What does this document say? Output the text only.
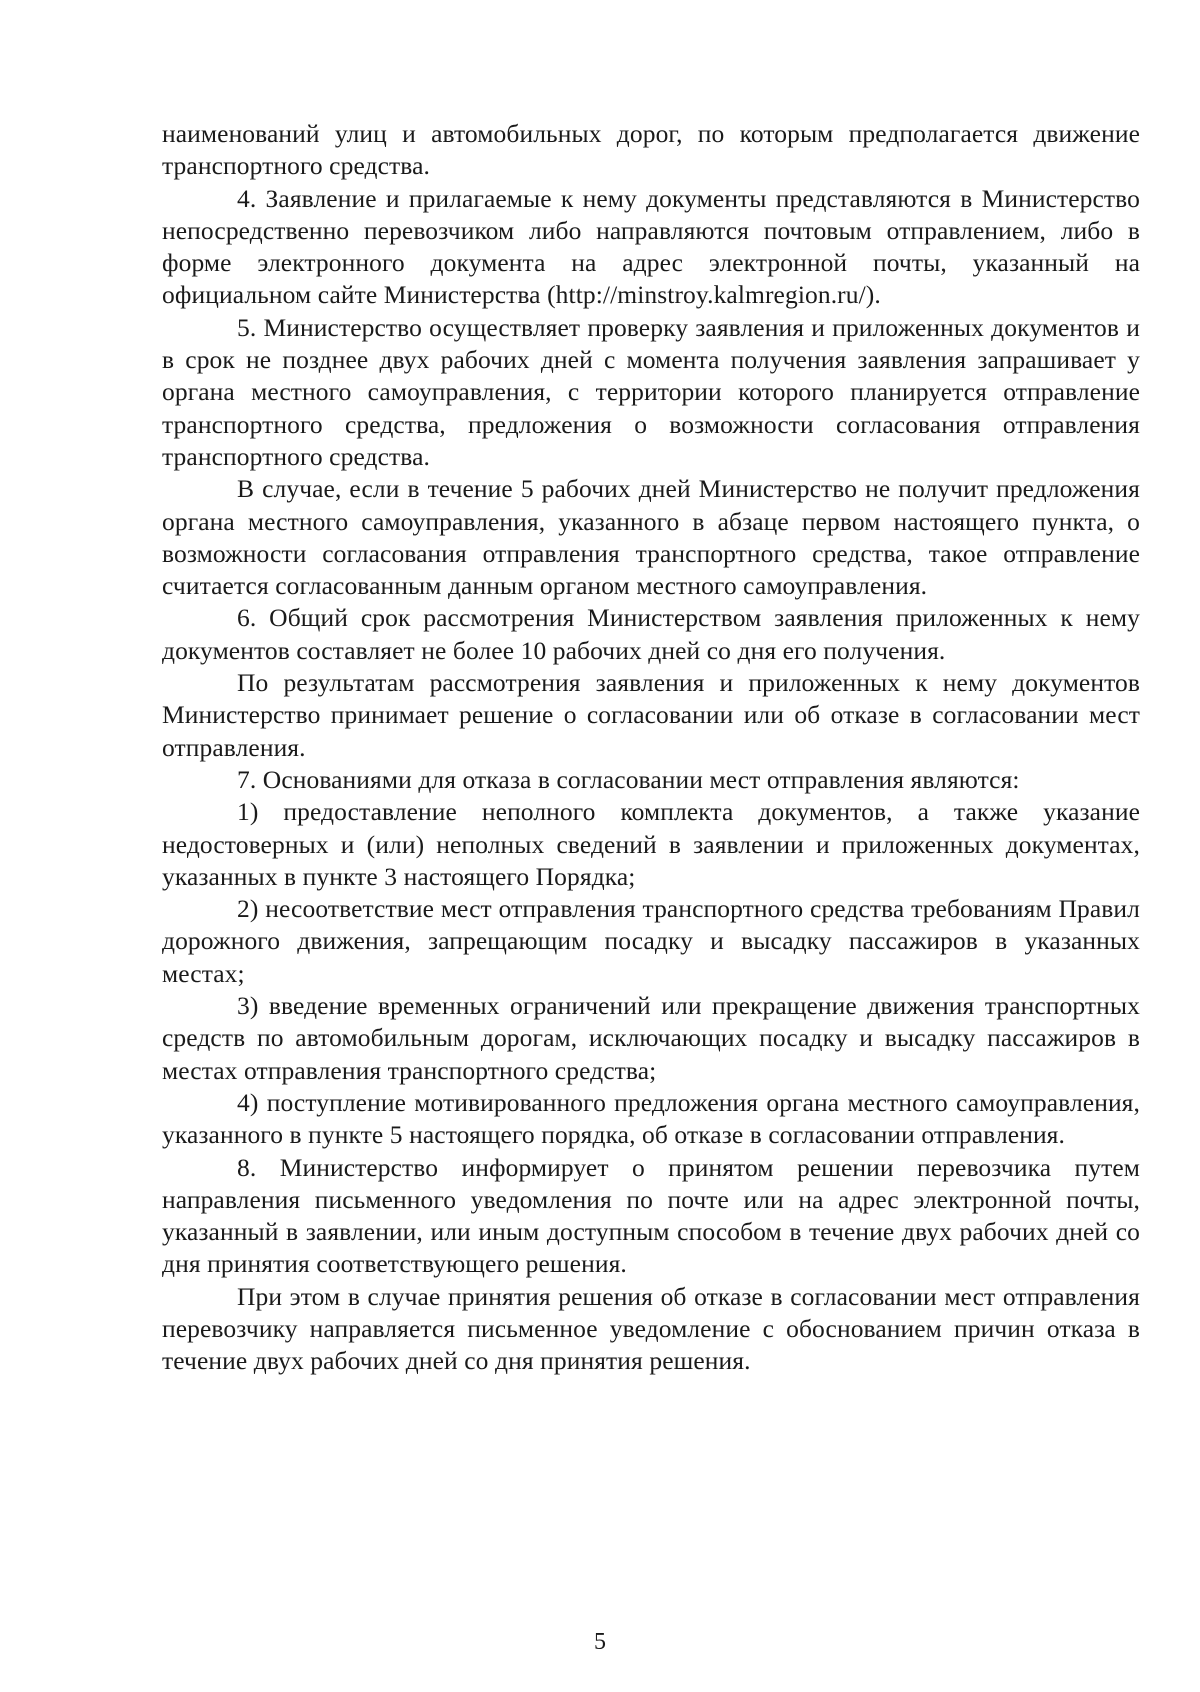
наименований улиц и автомобильных дорог, по которым предполагается движение транспортного средства.

4. Заявление и прилагаемые к нему документы представляются в Министерство непосредственно перевозчиком либо направляются почтовым отправлением, либо в форме электронного документа на адрес электронной почты, указанный на официальном сайте Министерства (http://minstroy.kalmregion.ru/).

5. Министерство осуществляет проверку заявления и приложенных документов и в срок не позднее двух рабочих дней с момента получения заявления запрашивает у органа местного самоуправления, с территории которого планируется отправление транспортного средства, предложения о возможности согласования отправления транспортного средства.

В случае, если в течение 5 рабочих дней Министерство не получит предложения органа местного самоуправления, указанного в абзаце первом настоящего пункта, о возможности согласования отправления транспортного средства, такое отправление считается согласованным данным органом местного самоуправления.

6. Общий срок рассмотрения Министерством заявления приложенных к нему документов составляет не более 10 рабочих дней со дня его получения.

По результатам рассмотрения заявления и приложенных к нему документов Министерство принимает решение о согласовании или об отказе в согласовании мест отправления.

7. Основаниями для отказа в согласовании мест отправления являются:

1) предоставление неполного комплекта документов, а также указание недостоверных и (или) неполных сведений в заявлении и приложенных документах, указанных в пункте 3 настоящего Порядка;

2) несоответствие мест отправления транспортного средства требованиям Правил дорожного движения, запрещающим посадку и высадку пассажиров в указанных местах;

3) введение временных ограничений или прекращение движения транспортных средств по автомобильным дорогам, исключающих посадку и высадку пассажиров в местах отправления транспортного средства;

4) поступление мотивированного предложения органа местного самоуправления, указанного в пункте 5 настоящего порядка, об отказе в согласовании отправления.

8. Министерство информирует о принятом решении перевозчика путем направления письменного уведомления по почте или на адрес электронной почты, указанный в заявлении, или иным доступным способом в течение двух рабочих дней со дня принятия соответствующего решения.

При этом в случае принятия решения об отказе в согласовании мест отправления перевозчику направляется письменное уведомление с обоснованием причин отказа в течение двух рабочих дней со дня принятия решения.

5
